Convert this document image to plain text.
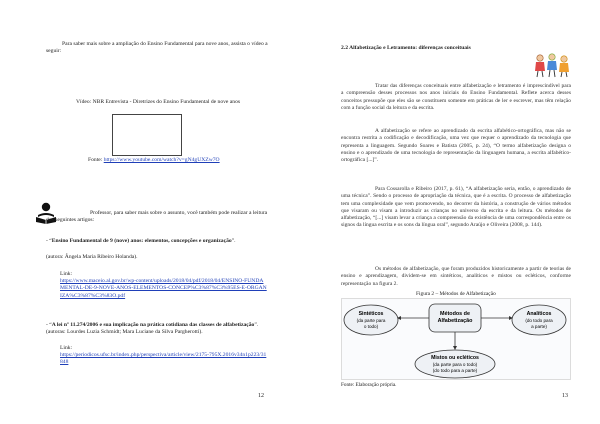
Para saber mais sobre a ampliação do Ensino Fundamental para nove anos, assista o vídeo a seguir:

Vídeo: NBR Entrevista - Diretrizes do Ensino Fundamental de nove anos

Fonte: https://www.youtube.com/watch?v=gN4gUXZw7O

Professor, para saber mais sobre o assunto, você também pode realizar a leitura dos seguintes artigos:

- “Ensino Fundamental de 9 (nove) anos: elementos, concepções e organização”.

(autora: Ângela Maria Ribeiro Holanda).

Link:

https://www.maceio.al.gov.br/wp-content/uploads/2018/04/pdf/2018/04/ENSINO-FUNDAMENTAL-DE-9-NOVE-ANOS-ELEMENTOS-CONCEP%C3%87%C3%95ES-E-ORGANIZA%C3%87%C3%83O.pdf

- “A lei nº 11.274/2006 e sua implicação na prática cotidiana das classes de alfabetização”. (autoras: Lourdes Luzia Schmidt; Mara Luciane da Silva Pargherotti).

Link:

https://periodicos.ufsc.br/index.php/perspectiva/article/view/2175-795X.2016v34n1p223/31848

12

2.2 Alfabetização e Letramento: diferenças conceituais

Tratar das diferenças conceituais entre alfabetização e letramento é imprescindível para a compreensão desses processos nos anos iniciais do Ensino Fundamental. Reflete acerca desses conceitos pressupõe que eles são se constituem somente em práticas de ler e escrever, mas têm relação com a função social da leitura e da escrita.

A alfabetização se refere ao aprendizado da escrita alfabético-ortográfica, mas não se encontra restrita a codificação e decodificação, uma vez que requer o aprendizado da tecnologia que representa a linguagem. Segundo Soares e Batista (2005, p. 24), “O termo alfabetização designa o ensino e o aprendizado de uma tecnologia de representação da linguagem humana, a escrita alfabético-ortográfica [...]”.

Para Cossarolla e Ribeiro (2017, p. 61), “A alfabetização seria, então, o aprendizado de uma técnica”. Sendo o processo de apropriação da técnica, que é a escrita. O processo de alfabetização tem uma complexidade que vem promovendo, no decorrer da história, a construção de vários métodos que visaram ou visam a introduzir as crianças no universo da escrita e da leitura. Os métodos de alfabetização, “[...] visam levar a criança a compreensão da existência de uma correspondência entre os signos da língua escrita e os sons da língua oral”, segundo Araújo e Oliveira (2008, p. 144).

Os métodos de alfabetização, que foram produzidos historicamente a partir de teorias de ensino e aprendizagem, dividem-se em sintéticos, analíticos e mistos ou ecléticos, conforme representação na figura 2.

Figura 2 – Métodos de Alfabetização
Métodos de
Alfabetização
Sintéticos
(da parte para
o todo)
Analíticos
(do todo para
a parte)
Mistos ou ecléticos
(da parte para o todo)
(do todo para a parte)
Fonte: Elaboração própria.
13
